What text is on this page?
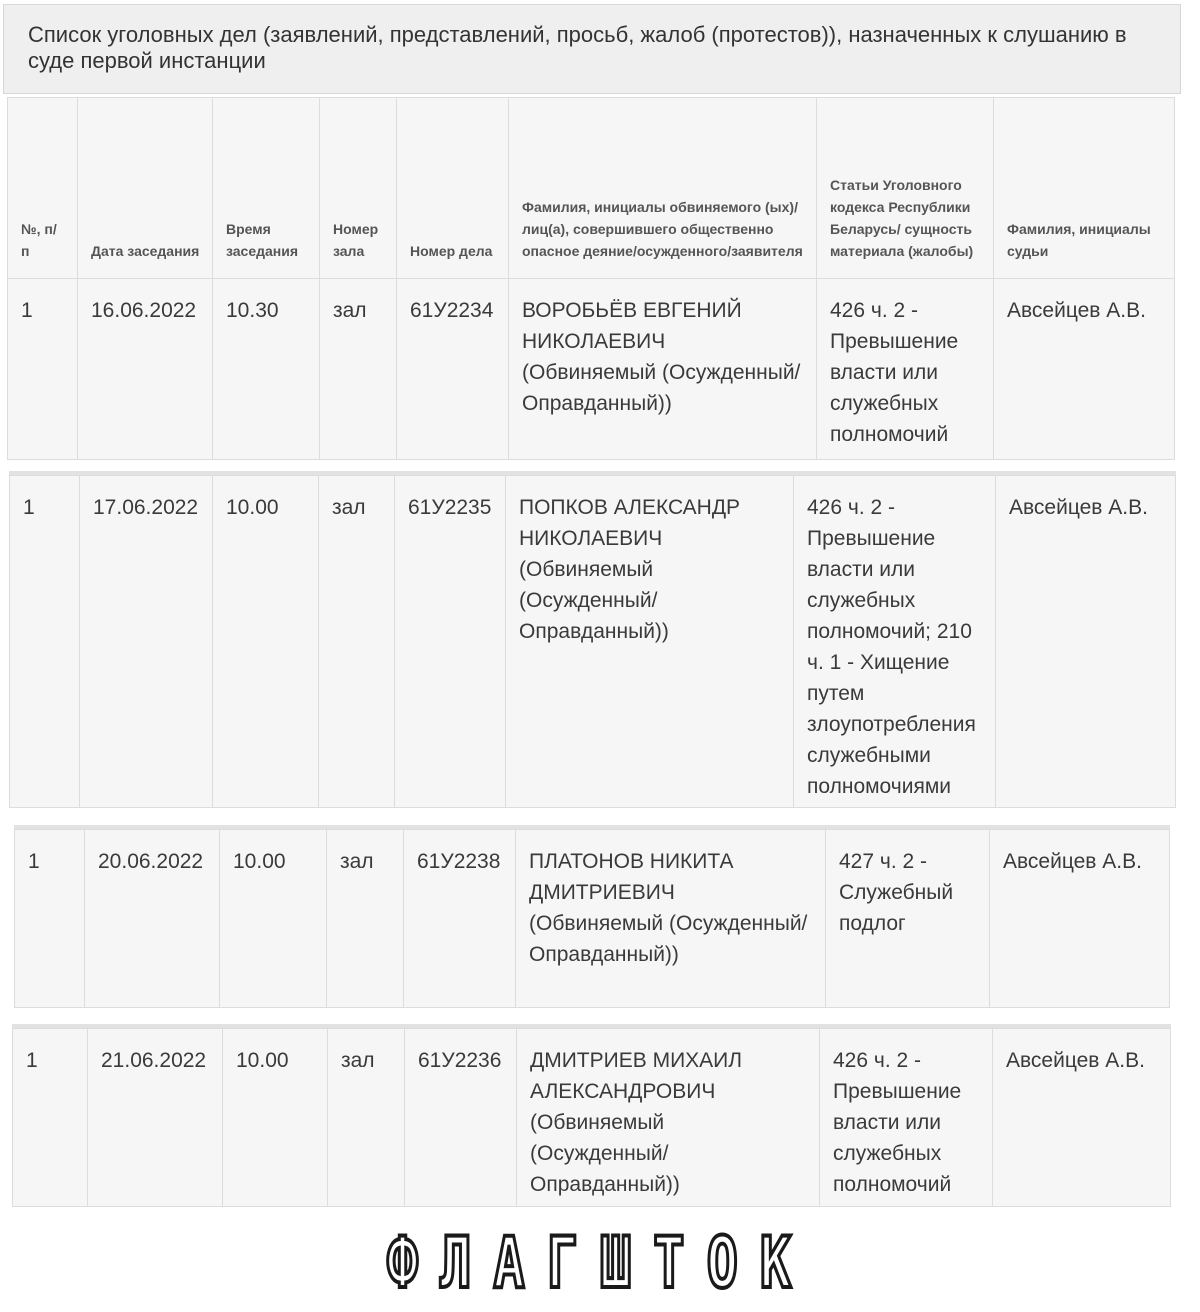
Список уголовных дел (заявлений, представлений, просьб, жалоб (протестов)), назначенных к слушанию в суде первой инстанции
№, п/п	Дата заседания	Время заседания	Номер зала	Номер дела	Фамилия, инициалы обвиняемого (ых)/лиц(а), совершившего общественно опасное деяние/осужденного/заявителя	Статьи Уголовного кодекса Республики Беларусь/ сущность материала (жалобы)	Фамилия, инициалы судьи
1	16.06.2022	10.30	зал	61У2234	ВОРОБЬЁВ ЕВГЕНИЙ НИКОЛАЕВИЧ (Обвиняемый (Осужденный/ Оправданный))	426 ч. 2 - Превышение власти или служебных полномочий	Авсейцев А.В.
1	17.06.2022	10.00	зал	61У2235	ПОПКОВ АЛЕКСАНДР НИКОЛАЕВИЧ (Обвиняемый (Осужденный/ Оправданный))	426 ч. 2 - Превышение власти или служебных полномочий; 210 ч. 1 - Хищение путем злоупотребления служебными полномочиями	Авсейцев А.В.
1	20.06.2022	10.00	зал	61У2238	ПЛАТОНОВ НИКИТА ДМИТРИЕВИЧ (Обвиняемый (Осужденный/ Оправданный))	427 ч. 2 - Служебный подлог	Авсейцев А.В.
1	21.06.2022	10.00	зал	61У2236	ДМИТРИЕВ МИХАИЛ АЛЕКСАНДРОВИЧ (Обвиняемый (Осужденный/ Оправданный))	426 ч. 2 - Превышение власти или служебных полномочий	Авсейцев А.В.
ФЛАГШТОК
